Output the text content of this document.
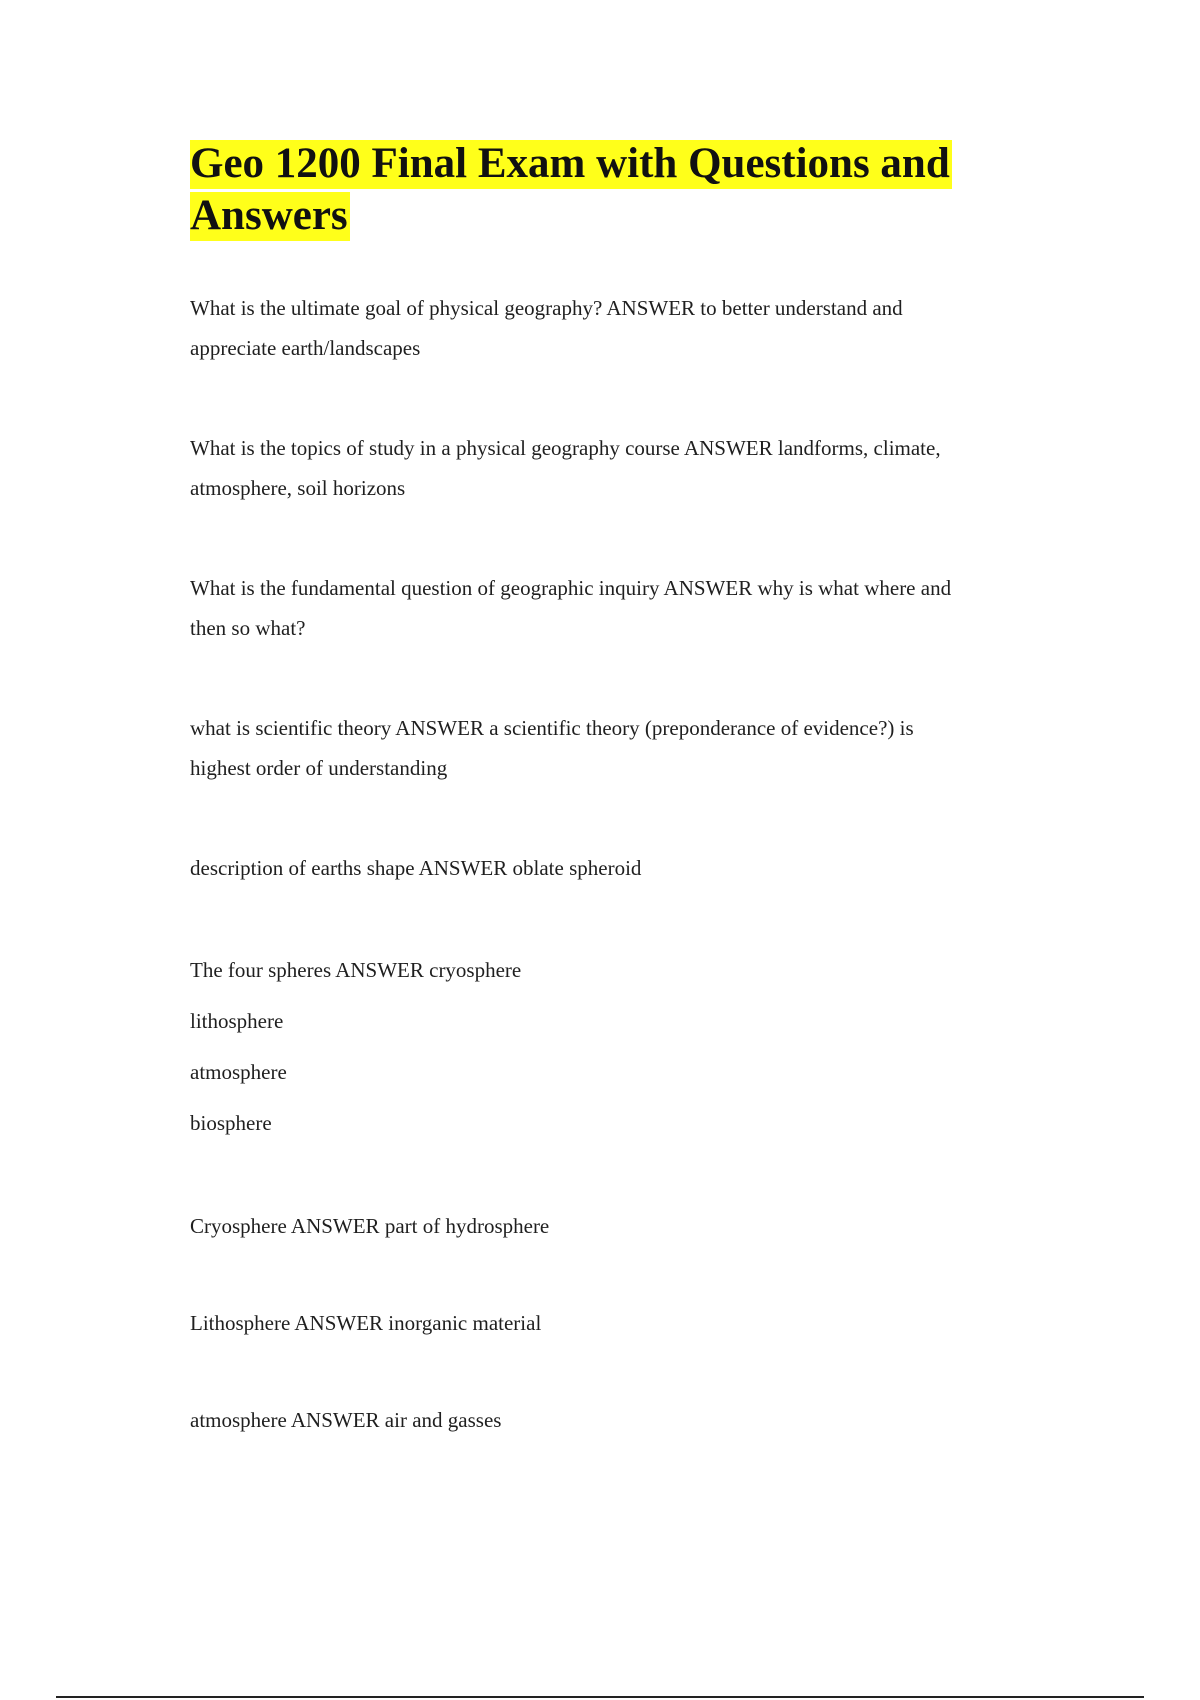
Geo 1200 Final Exam with Questions and
Answers

What is the ultimate goal of physical geography? ANSWER to better understand and

appreciate earth/landscapes

What is the topics of study in a physical geography course ANSWER landforms, climate,

atmosphere, soil horizons

What is the fundamental question of geographic inquiry ANSWER why is what where and

then so what?

what is scientific theory ANSWER a scientific theory (preponderance of evidence?) is

highest order of understanding

description of earths shape ANSWER oblate spheroid

The four spheres ANSWER cryosphere

lithosphere

atmosphere

biosphere

Cryosphere ANSWER part of hydrosphere

Lithosphere ANSWER inorganic material

atmosphere ANSWER air and gasses
